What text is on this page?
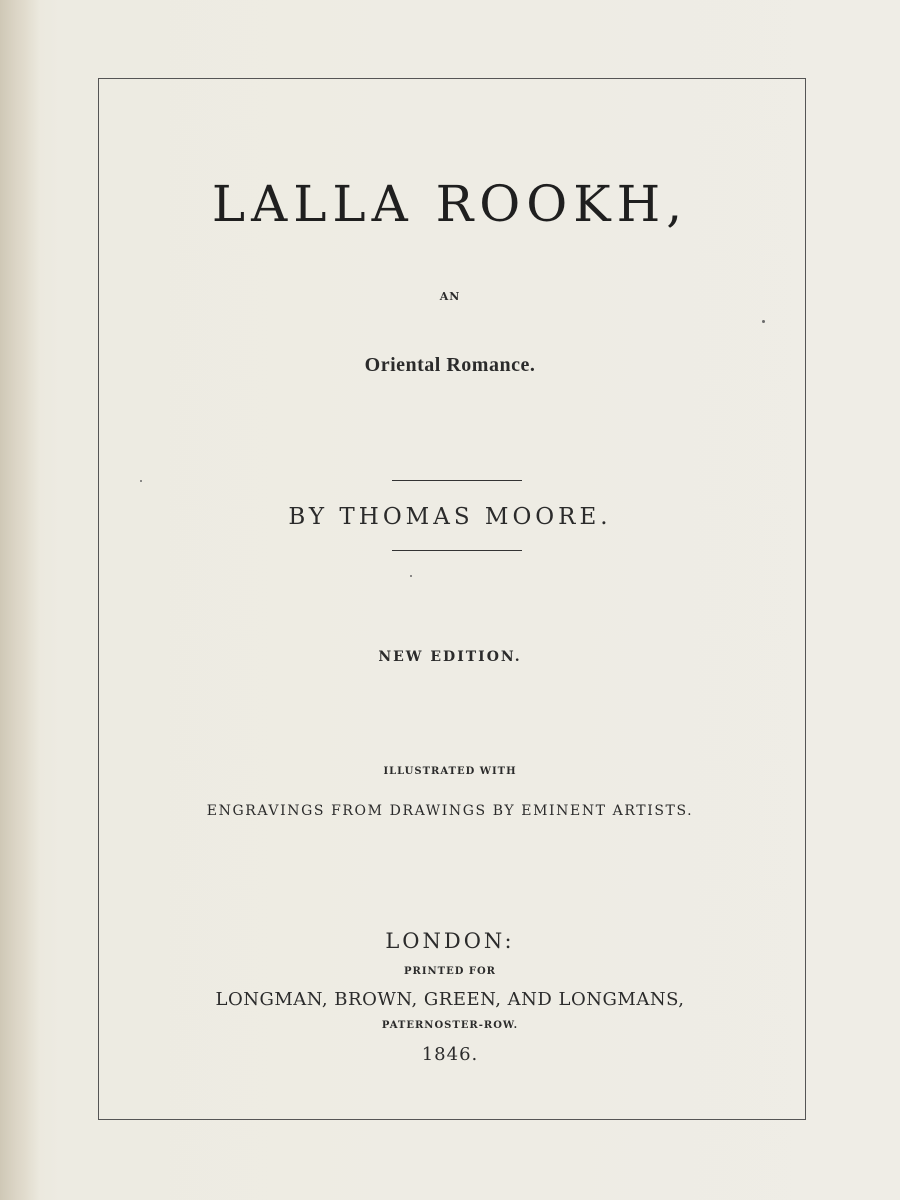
LALLA ROOKH,
AN
Oriental Romance.
BY THOMAS MOORE.
NEW EDITION.
ILLUSTRATED WITH
ENGRAVINGS FROM DRAWINGS BY EMINENT ARTISTS.
LONDON:
PRINTED FOR
LONGMAN, BROWN, GREEN, AND LONGMANS,
PATERNOSTER-ROW.
1846.
